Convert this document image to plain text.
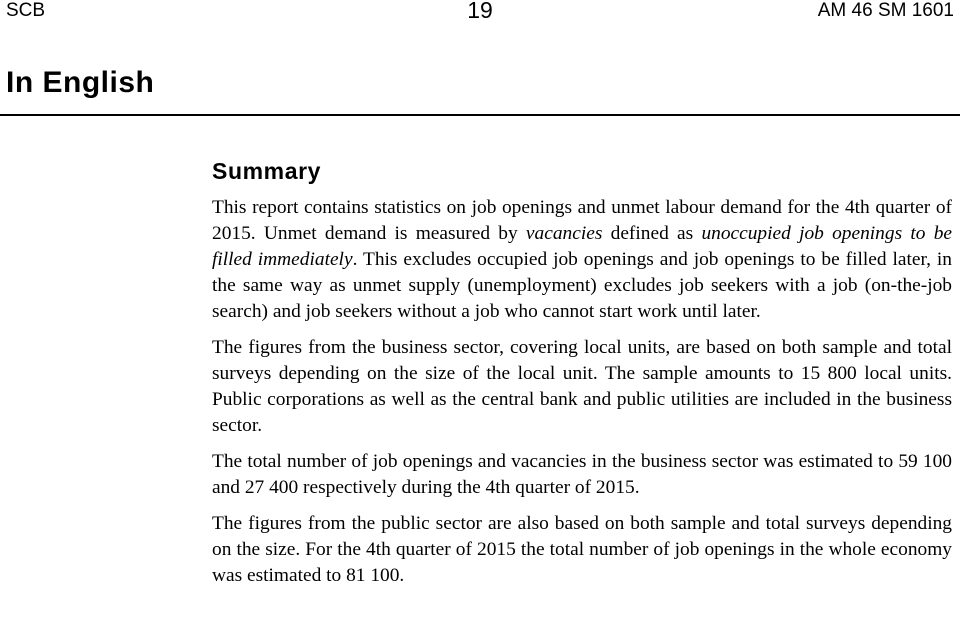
SCB	19	AM 46 SM 1601
In English
Summary

This report contains statistics on job openings and unmet labour demand for the 4th quarter of 2015. Unmet demand is measured by vacancies defined as unoccupied job openings to be filled immediately. This excludes occupied job openings and job openings to be filled later, in the same way as unmet supply (unemployment) excludes job seekers with a job (on-the-job search) and job seekers without a job who cannot start work until later.

The figures from the business sector, covering local units, are based on both sample and total surveys depending on the size of the local unit. The sample amounts to 15 800 local units. Public corporations as well as the central bank and public utilities are included in the business sector.

The total number of job openings and vacancies in the business sector was estimated to 59 100 and 27 400 respectively during the 4th quarter of 2015.

The figures from the public sector are also based on both sample and total surveys depending on the size. For the 4th quarter of 2015 the total number of job openings in the whole economy was estimated to 81 100.
